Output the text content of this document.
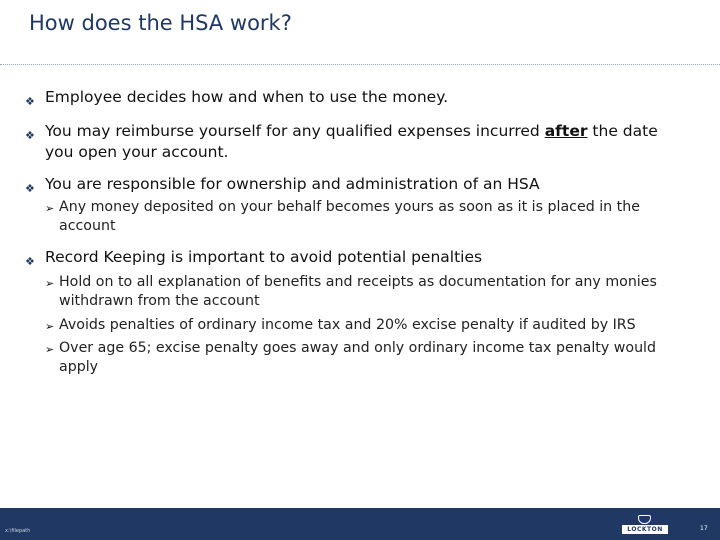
How does the HSA work?
❖ Employee decides how and when to use the money.
❖ You may reimburse yourself for any qualified expenses incurred after the date you open your account.
❖ You are responsible for ownership and administration of an HSA
➢ Any money deposited on your behalf becomes yours as soon as it is placed in the account
❖ Record Keeping is important to avoid potential penalties
➢ Hold on to all explanation of benefits and receipts as documentation for any monies withdrawn from the account
➢ Avoids penalties of ordinary income tax and 20% excise penalty if audited by IRS
➢ Over age 65; excise penalty goes away and only ordinary income tax penalty would apply
x:\filepath	LOCKTON	17
